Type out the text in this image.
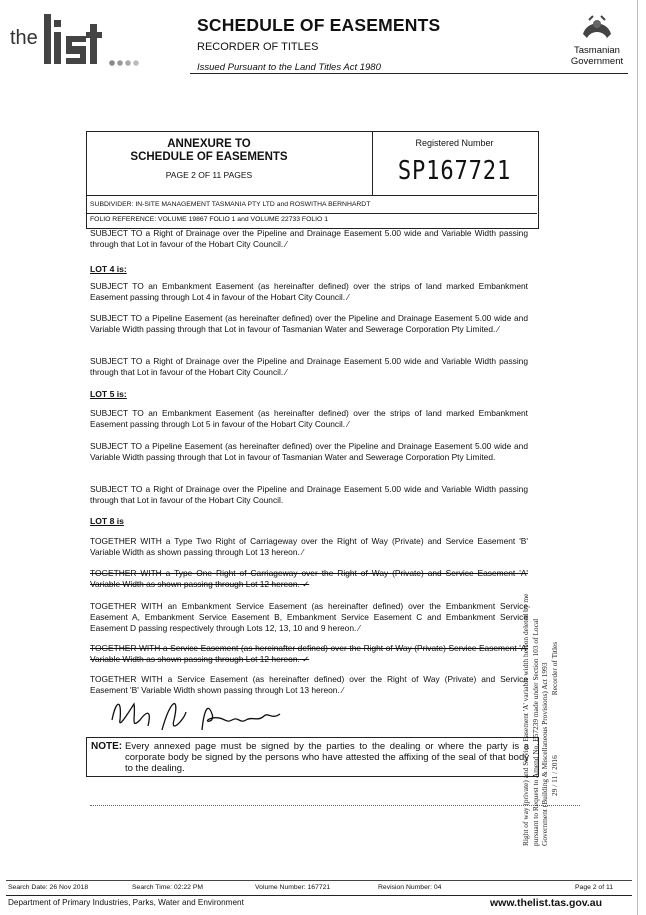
the
SCHEDULE OF EASEMENTS
RECORDER OF TITLES
Issued Pursuant to the Land Titles Act 1980
Tasmanian
Government
ANNEXURE TO
SCHEDULE OF EASEMENTS
PAGE 2 OF 11 PAGES
Registered Number
SP167721
SUBDIVIDER: IN-SITE MANAGEMENT TASMANIA PTY LTD and ROSWITHA BERNHARDT
FOLIO REFERENCE: VOLUME 19867 FOLIO 1 and VOLUME 22733 FOLIO 1
SUBJECT TO a Right of Drainage over the Pipeline and Drainage Easement 5.00 wide and Variable Width passing through that Lot in favour of the Hobart City Council. ⁄
LOT 4 is:
SUBJECT TO an Embankment Easement (as hereinafter defined) over the strips of land marked Embankment Easement passing through Lot 4 in favour of the Hobart City Council. ⁄
SUBJECT TO a Pipeline Easement (as hereinafter defined) over the Pipeline and Drainage Easement 5.00 wide and Variable Width passing through that Lot in favour of Tasmanian Water and Sewerage Corporation Pty Limited. ⁄
SUBJECT TO a Right of Drainage over the Pipeline and Drainage Easement 5.00 wide and Variable Width passing through that Lot in favour of the Hobart City Council. ⁄
LOT 5 is:
SUBJECT TO an Embankment Easement (as hereinafter defined) over the strips of land marked Embankment Easement passing through Lot 5 in favour of the Hobart City Council. ⁄
SUBJECT TO a Pipeline Easement (as hereinafter defined) over the Pipeline and Drainage Easement 5.00 wide and Variable Width passing through that Lot in favour of Tasmanian Water and Sewerage Corporation Pty Limited.
SUBJECT TO a Right of Drainage over the Pipeline and Drainage Easement 5.00 wide and Variable Width passing through that Lot in favour of the Hobart City Council.
LOT 8 is
TOGETHER WITH a Type Two Right of Carriageway over the Right of Way (Private) and Service Easement 'B' Variable Width as shown passing through Lot 13 hereon. ⁄
TOGETHER WITH a Type One Right of Carriageway over the Right of Way (Private) and Service Easement 'A' Variable Width as shown passing through Lot 12 hereon. ✓
TOGETHER WITH an Embankment Service Easement (as hereinafter defined) over the Embankment Service Easement A, Embankment Service Easement B, Embankment Service Easement C and Embankment Service Easement D passing respectively through Lots 12, 13, 10 and 9 hereon. ⁄
TOGETHER WITH a Service Easement (as hereinafter defined) over the Right of Way (Private) Service Easement 'A' Variable Width as shown passing through Lot 12 hereon. ✓
TOGETHER WITH a Service Easement (as hereinafter defined) over the Right of Way (Private) and Service Easement 'B' Variable Width shown passing through Lot 13 hereon. ⁄
NOTE: Every annexed page must be signed by the parties to the dealing or where the party is a corporate body be signed by the persons who have attested the affixing of the seal of that body to the dealing.	Right of way (private) and Service Easement 'A' variable width hereon deleted by me pursuant to Request to Amend No. E57239 made under Section 103 of Local Government (Building & Miscellaneous Provisions) Act 1993 29 / 11 / 2016
Recorder of Titles
Search Date: 26 Nov 2018	Search Time: 02:22 PM	Volume Number: 167721	Revision Number: 04	Page 2 of 11
Department of Primary Industries, Parks, Water and Environment	www.thelist.tas.gov.au
